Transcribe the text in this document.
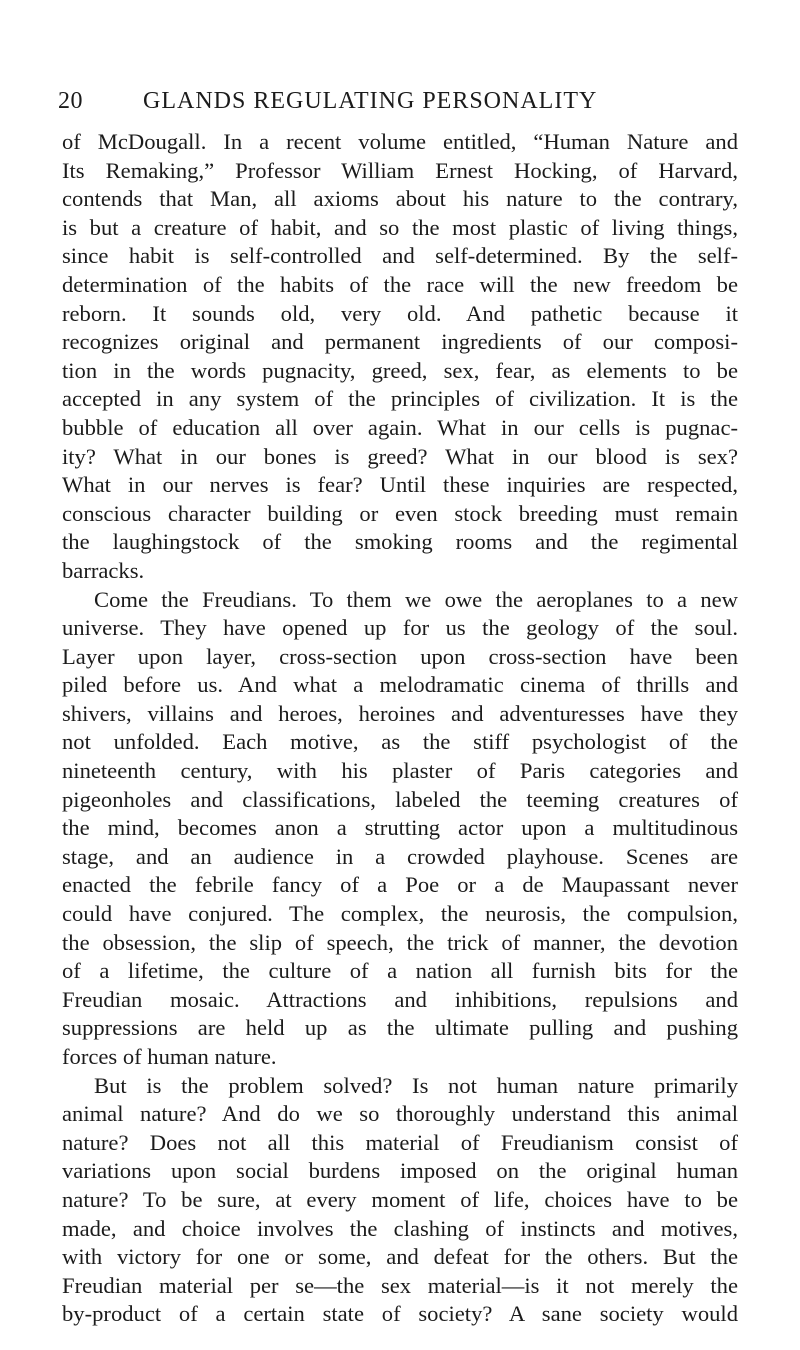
20	GLANDS REGULATING PERSONALITY
of McDougall. In a recent volume entitled, “Human Nature and
Its Remaking,” Professor William Ernest Hocking, of Harvard,
contends that Man, all axioms about his nature to the contrary,
is but a creature of habit, and so the most plastic of living things,
since habit is self-controlled and self-determined. By the self-
determination of the habits of the race will the new freedom be
reborn. It sounds old, very old. And pathetic because it
recognizes original and permanent ingredients of our composi-
tion in the words pugnacity, greed, sex, fear, as elements to be
accepted in any system of the principles of civilization. It is the
bubble of education all over again. What in our cells is pugnac-
ity? What in our bones is greed? What in our blood is sex?
What in our nerves is fear? Until these inquiries are respected,
conscious character building or even stock breeding must remain
the laughingstock of the smoking rooms and the regimental
barracks.
Come the Freudians. To them we owe the aeroplanes to a new
universe. They have opened up for us the geology of the soul.
Layer upon layer, cross-section upon cross-section have been
piled before us. And what a melodramatic cinema of thrills and
shivers, villains and heroes, heroines and adventuresses have they
not unfolded. Each motive, as the stiff psychologist of the
nineteenth century, with his plaster of Paris categories and
pigeonholes and classifications, labeled the teeming creatures of
the mind, becomes anon a strutting actor upon a multitudinous
stage, and an audience in a crowded playhouse. Scenes are
enacted the febrile fancy of a Poe or a de Maupassant never
could have conjured. The complex, the neurosis, the compulsion,
the obsession, the slip of speech, the trick of manner, the devotion
of a lifetime, the culture of a nation all furnish bits for the
Freudian mosaic. Attractions and inhibitions, repulsions and
suppressions are held up as the ultimate pulling and pushing
forces of human nature.
But is the problem solved? Is not human nature primarily
animal nature? And do we so thoroughly understand this animal
nature? Does not all this material of Freudianism consist of
variations upon social burdens imposed on the original human
nature? To be sure, at every moment of life, choices have to be
made, and choice involves the clashing of instincts and motives,
with victory for one or some, and defeat for the others. But the
Freudian material per se—the sex material—is it not merely the
by-product of a certain state of society? A sane society would
